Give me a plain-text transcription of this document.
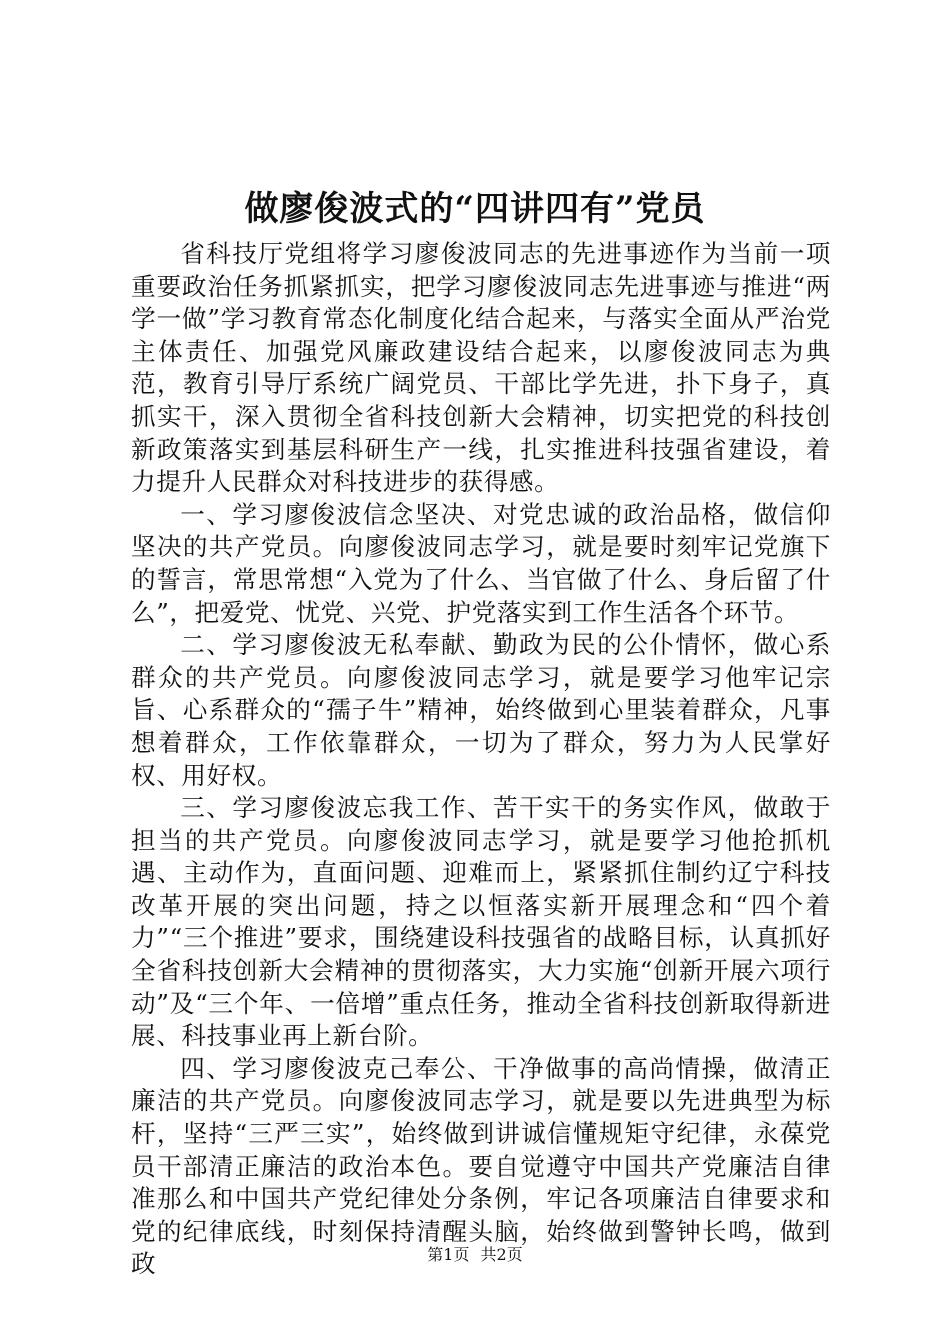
做廖俊波式的“四讲四有”党员

省科技厅党组将学习廖俊波同志的先进事迹作为当前一项重要政治任务抓紧抓实，把学习廖俊波同志先进事迹与推进“两学一做”学习教育常态化制度化结合起来，与落实全面从严治党主体责任、加强党风廉政建设结合起来，以廖俊波同志为典范，教育引导厅系统广阔党员、干部比学先进，扑下身子，真抓实干，深入贯彻全省科技创新大会精神，切实把党的科技创新政策落实到基层科研生产一线，扎实推进科技强省建设，着力提升人民群众对科技进步的获得感。

一、学习廖俊波信念坚决、对党忠诚的政治品格，做信仰坚决的共产党员。向廖俊波同志学习，就是要时刻牢记党旗下的誓言，常思常想“入党为了什么、当官做了什么、身后留了什么”，把爱党、忧党、兴党、护党落实到工作生活各个环节。

二、学习廖俊波无私奉献、勤政为民的公仆情怀，做心系群众的共产党员。向廖俊波同志学习，就是要学习他牢记宗旨、心系群众的“孺子牛”精神，始终做到心里装着群众，凡事想着群众，工作依靠群众，一切为了群众，努力为人民掌好权、用好权。

三、学习廖俊波忘我工作、苦干实干的务实作风，做敢于担当的共产党员。向廖俊波同志学习，就是要学习他抢抓机遇、主动作为，直面问题、迎难而上，紧紧抓住制约辽宁科技改革开展的突出问题，持之以恒落实新开展理念和“四个着力”“三个推进”要求，围绕建设科技强省的战略目标，认真抓好全省科技创新大会精神的贯彻落实，大力实施“创新开展六项行动”及“三个年、一倍增”重点任务，推动全省科技创新取得新进展、科技事业再上新台阶。

四、学习廖俊波克己奉公、干净做事的高尚情操，做清正廉洁的共产党员。向廖俊波同志学习，就是要以先进典型为标杆，坚持“三严三实”，始终做到讲诚信懂规矩守纪律，永葆党员干部清正廉洁的政治本色。要自觉遵守中国共产党廉洁自律准那么和中国共产党纪律处分条例，牢记各项廉洁自律要求和党的纪律底线，时刻保持清醒头脑，始终做到警钟长鸣，做到政	第1页 共2页
